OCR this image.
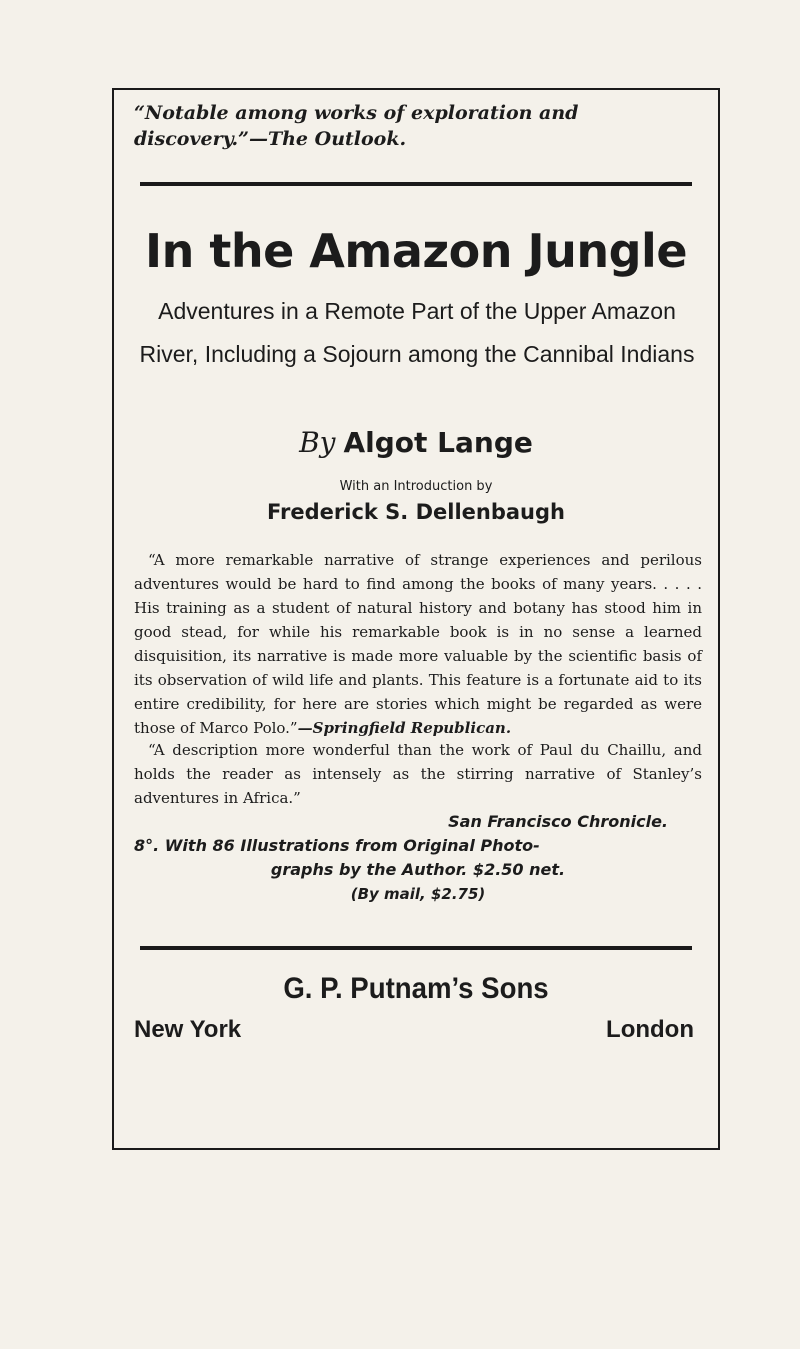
“Notable among works of exploration and discovery.”—The Outlook.
In the Amazon Jungle
Adventures in a Remote Part of the Upper Amazon River, Including a Sojourn among the Cannibal Indians
By Algot Lange
With an Introduction by
Frederick S. Dellenbaugh
“A more remarkable narrative of strange experiences and perilous adventures would be hard to find among the books of many years. . . . . His training as a student of natural history and botany has stood him in good stead, for while his remarkable book is in no sense a learned disquisition, its narrative is made more valuable by the scientific basis of its observation of wild life and plants. This feature is a fortunate aid to its entire credibility, for here are stories which might be regarded as were those of Marco Polo.”—Springfield Republican.
“A description more wonderful than the work of Paul du Chaillu, and holds the reader as intensely as the stirring narrative of Stanley’s adventures in Africa.”
San Francisco Chronicle.
8°. With 86 Illustrations from Original Photo-
graphs by the Author. $2.50 net.
(By mail, $2.75)
G. P. Putnam’s Sons
New York	London
